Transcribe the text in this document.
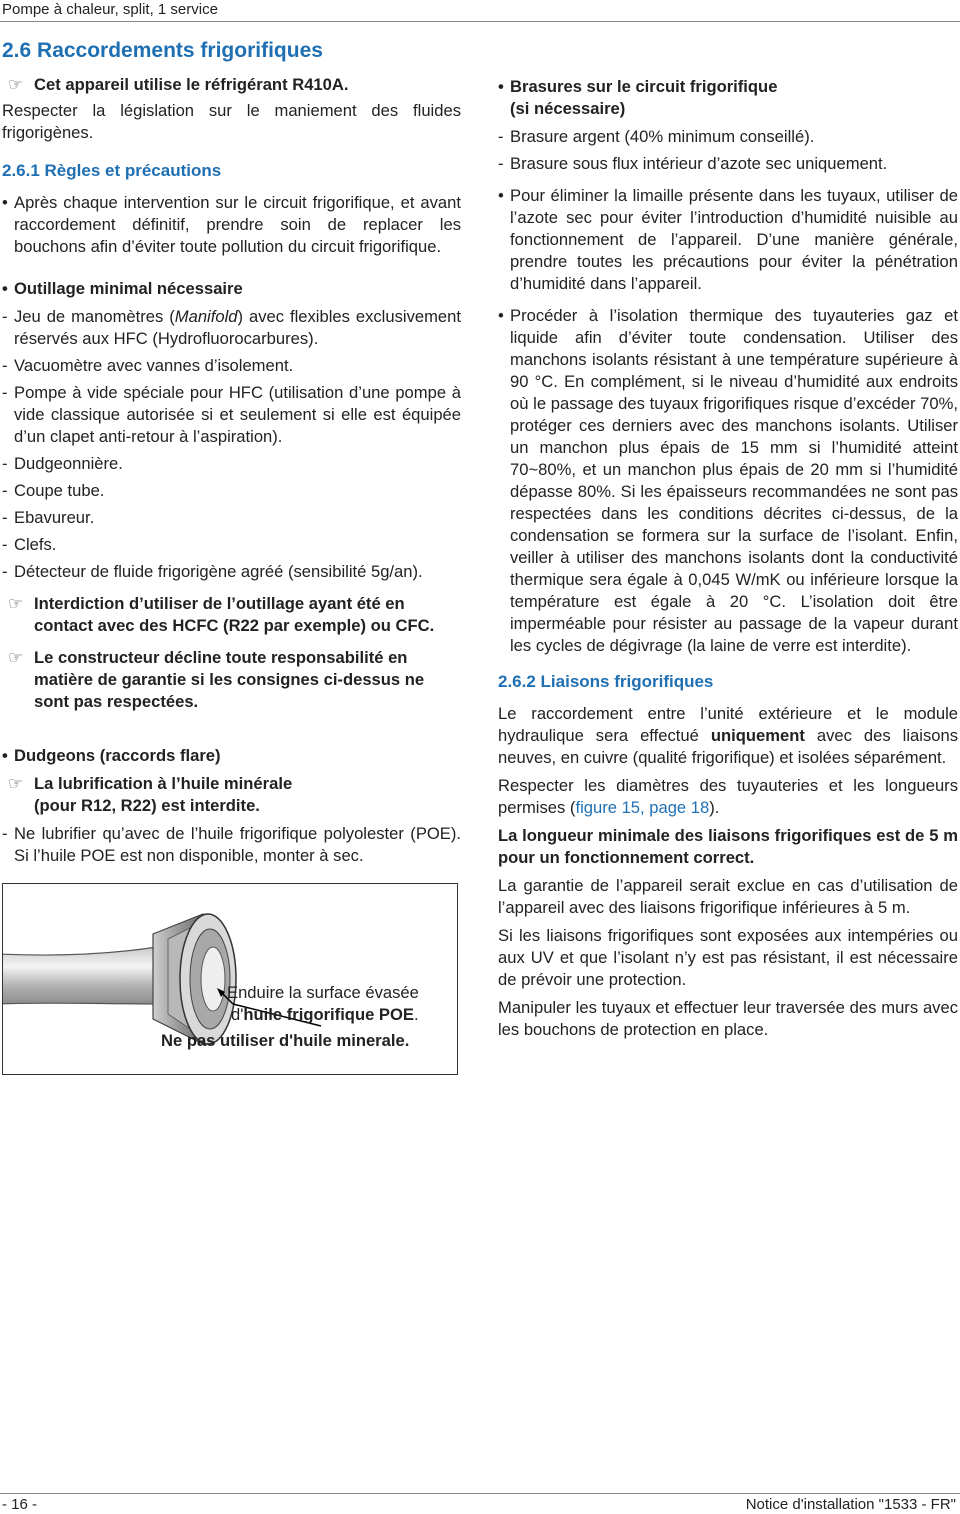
Pompe à chaleur, split, 1 service
2.6 Raccordements frigorifiques
☞ Cet appareil utilise le réfrigérant R410A.

Respecter la législation sur le maniement des fluides frigorigènes.

2.6.1 Règles et précautions
• Après chaque intervention sur le circuit frigorifique, et avant raccordement définitif, prendre soin de replacer les bouchons afin d’éviter toute pollution du circuit frigorifique.
• Outillage minimal nécessaire
- Jeu de manomètres (Manifold) avec flexibles exclusivement réservés aux HFC (Hydrofluorocarbures).
- Vacuomètre avec vannes d’isolement.
- Pompe à vide spéciale pour HFC (utilisation d’une pompe à vide classique autorisée si et seulement si elle est équipée d’un clapet anti-retour à l’aspiration).
- Dudgeonnière.
- Coupe tube.
- Ebavureur.
- Clefs.
- Détecteur de fluide frigorigène agréé (sensibilité 5g/an).
☞ Interdiction d’utiliser de l’outillage ayant été en contact avec des HCFC (R22 par exemple) ou CFC.
☞ Le constructeur décline toute responsabilité en matière de garantie si les consignes ci-dessus ne sont pas respectées.
• Dudgeons (raccords flare)
☞ La lubrification à l’huile minérale
(pour R12, R22) est interdite.
- Ne lubrifier qu’avec de l’huile frigorifique polyolester (POE). Si l’huile POE est non disponible, monter à sec.
Enduire la surface évasée
d'huile frigorifique POE.
Ne pas utiliser d'huile minerale.
• Brasures sur le circuit frigorifique
(si nécessaire)
- Brasure argent (40% minimum conseillé).
- Brasure sous flux intérieur d’azote sec uniquement.
• Pour éliminer la limaille présente dans les tuyaux, utiliser de l’azote sec pour éviter l’introduction d’humidité nuisible au fonctionnement de l’appareil. D’une manière générale, prendre toutes les précautions pour éviter la pénétration d’humidité dans l’appareil.
• Procéder à l’isolation thermique des tuyauteries gaz et liquide afin d’éviter toute condensation. Utiliser des manchons isolants résistant à une température supérieure à 90 °C. En complément, si le niveau d’humidité aux endroits où le passage des tuyaux frigorifiques risque d’excéder 70%, protéger ces derniers avec des manchons isolants. Utiliser un manchon plus épais de 15 mm si l’humidité atteint 70~80%, et un manchon plus épais de 20 mm si l’humidité dépasse 80%. Si les épaisseurs recommandées ne sont pas respectées dans les conditions décrites ci-dessus, de la condensation se formera sur la surface de l’isolant. Enfin, veiller à utiliser des manchons isolants dont la conductivité thermique sera égale à 0,045 W/mK ou inférieure lorsque la température est égale à 20 °C. L’isolation doit être imperméable pour résister au passage de la vapeur durant les cycles de dégivrage (la laine de verre est interdite).
2.6.2 Liaisons frigorifiques

Le raccordement entre l’unité extérieure et le module hydraulique sera effectué uniquement avec des liaisons neuves, en cuivre (qualité frigorifique) et isolées séparément.

Respecter les diamètres des tuyauteries et les longueurs permises (figure 15, page 18).

La longueur minimale des liaisons frigorifiques est de 5 m pour un fonctionnement correct.

La garantie de l’appareil serait exclue en cas d’utilisation de l’appareil avec des liaisons frigorifique inférieures à 5 m.

Si les liaisons frigorifiques sont exposées aux intempéries ou aux UV et que l’isolant n’y est pas résistant, il est nécessaire de prévoir une protection.

Manipuler les tuyaux et effectuer leur traversée des murs avec les bouchons de protection en place.

- 16 -	Notice d'installation "1533 - FR"
